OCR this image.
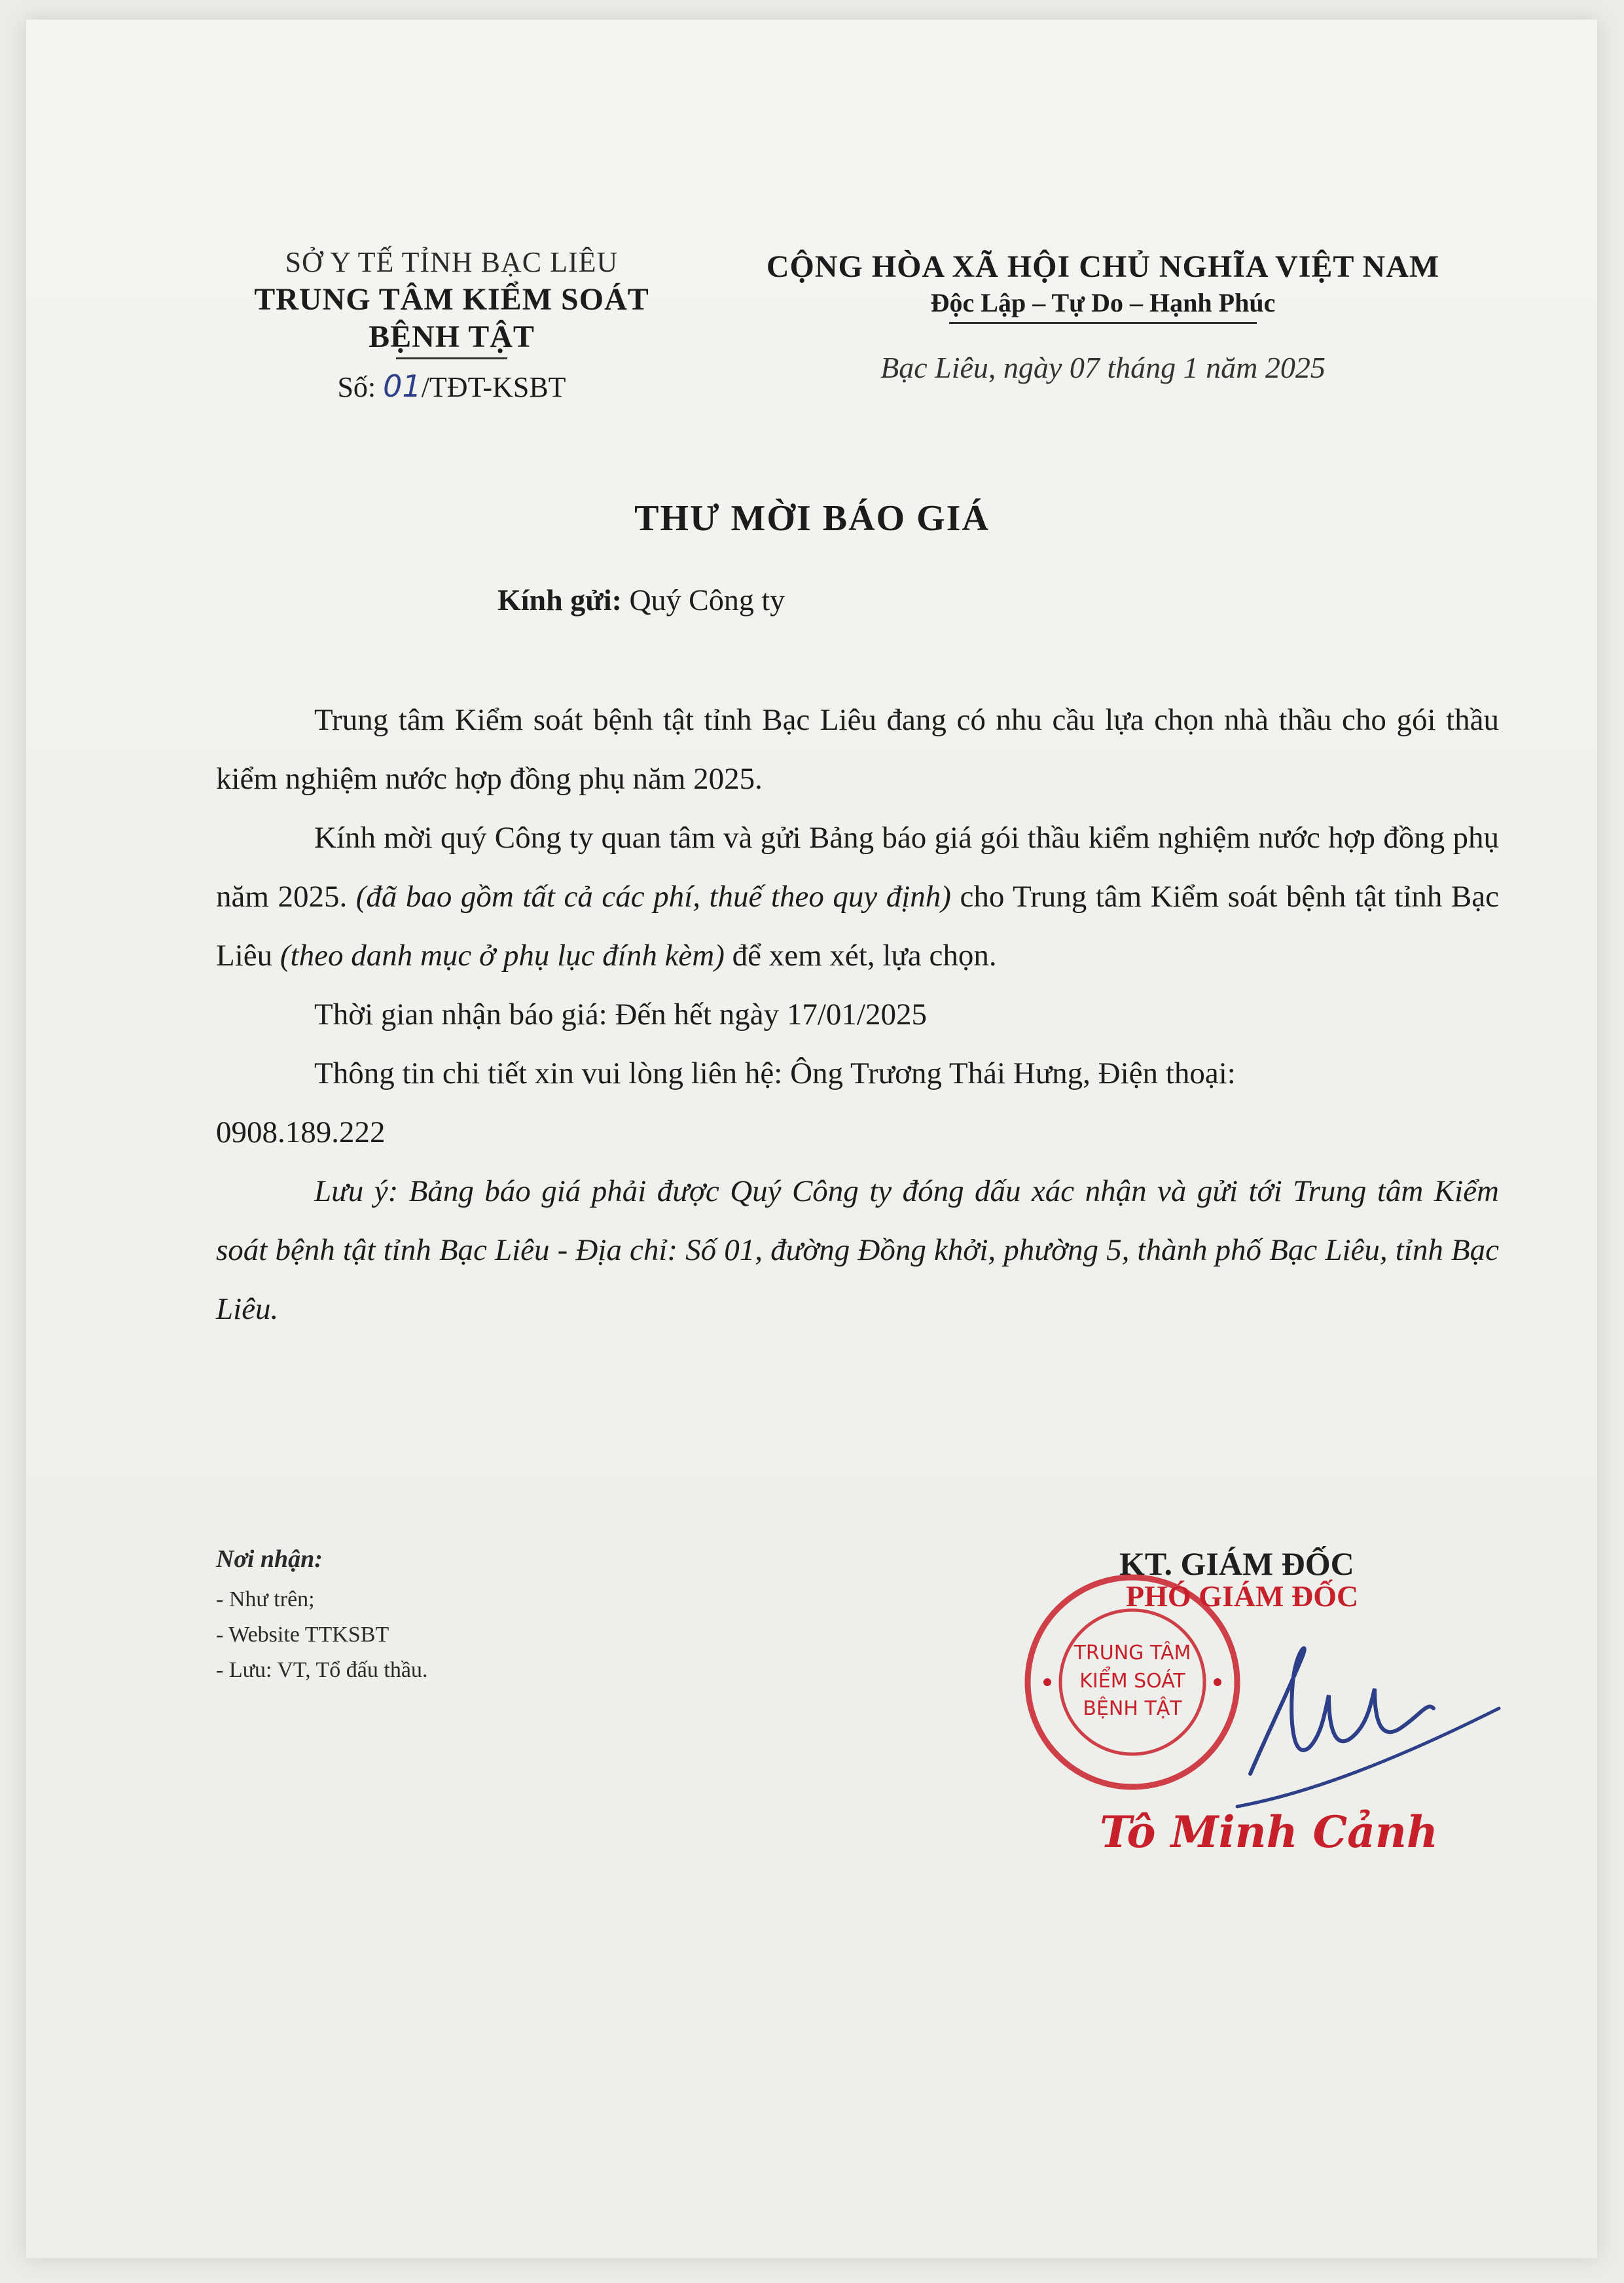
SỞ Y TẾ TỈNH BẠC LIÊU
TRUNG TÂM KIỂM SOÁT
BỆNH TẬT
Số: 01/TĐT-KSBT
CỘNG HÒA XÃ HỘI CHỦ NGHĨA VIỆT NAM
Độc Lập – Tự Do – Hạnh Phúc
Bạc Liêu, ngày 07 tháng 1 năm 2025
THƯ MỜI BÁO GIÁ
Kính gửi: Quý Công ty

Trung tâm Kiểm soát bệnh tật tỉnh Bạc Liêu đang có nhu cầu lựa chọn nhà thầu cho gói thầu kiểm nghiệm nước hợp đồng phụ năm 2025.

Kính mời quý Công ty quan tâm và gửi Bảng báo giá gói thầu kiểm nghiệm nước hợp đồng phụ năm 2025. (đã bao gồm tất cả các phí, thuế theo quy định) cho Trung tâm Kiểm soát bệnh tật tỉnh Bạc Liêu (theo danh mục ở phụ lục đính kèm) để xem xét, lựa chọn.

Thời gian nhận báo giá: Đến hết ngày 17/01/2025

Thông tin chi tiết xin vui lòng liên hệ: Ông Trương Thái Hưng, Điện thoại:

0908.189.222

Lưu ý: Bảng báo giá phải được Quý Công ty đóng dấu xác nhận và gửi tới Trung tâm Kiểm soát bệnh tật tỉnh Bạc Liêu - Địa chỉ: Số 01, đường Đồng khởi, phường 5, thành phố Bạc Liêu, tỉnh Bạc Liêu.

Nơi nhận:
- Như trên;
- Website TTKSBT
- Lưu: VT, Tổ đấu thầu.
KT. GIÁM ĐỐC
PHÓ GIÁM ĐỐC
TRUNG TÂM
KIỂM SOÁT
BỆNH TẬT
Tô Minh Cảnh
